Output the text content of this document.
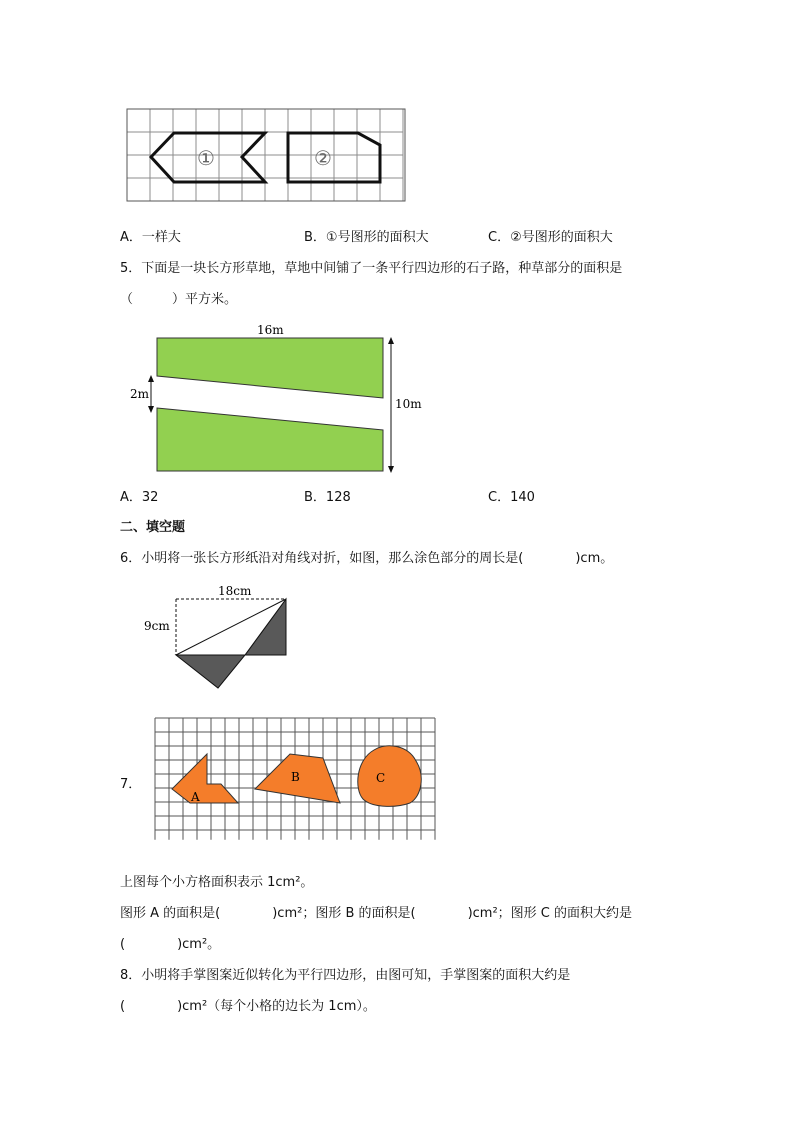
①	②
A．一样大	B．①号图形的面积大	C．②号图形的面积大
5．下面是一块长方形草地，草地中间铺了一条平行四边形的石子路，种草部分的面积是
（　　　）平方米。
16m
2m
10m
A．32	B．128	C．140
二、填空题
6．小明将一张长方形纸沿对角线对折，如图，那么涂色部分的周长是(　　　　)cm。
18cm
9cm
7．
A
B	C
上图每个小方格面积表示 1cm²。
图形 A 的面积是(　　　　)cm²；图形 B 的面积是(　　　　)cm²；图形 C 的面积大约是
(　　　　)cm²。
8．小明将手掌图案近似转化为平行四边形，由图可知，手掌图案的面积大约是
(　　　　)cm²（每个小格的边长为 1cm）。
